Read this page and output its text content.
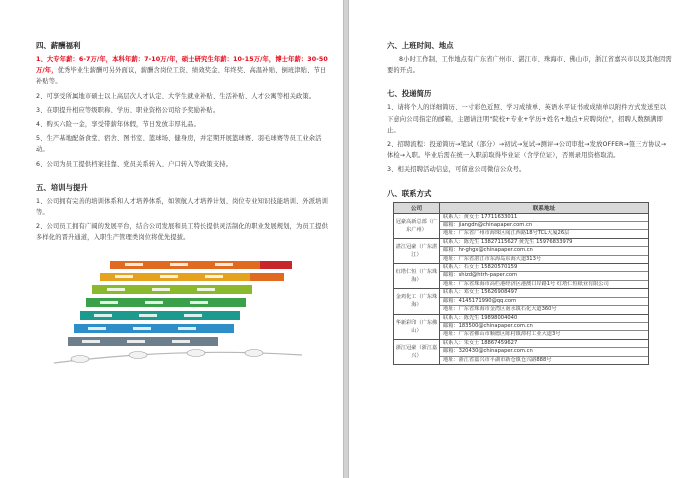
四、薪酬福利
1、大专年薪：6-7万/年，本科年薪：7-10万/年，硕士研究生年薪：10-15万/年，博士年薪：30-50万/年，优秀毕业生薪酬可另外面议，薪酬含岗位工资、绩效奖金、年终奖、高温补贴、倒班津贴、节日补贴等。
2、可享受所属地市硕士以上高层次人才认定、大学生就业补贴、生活补贴、人才公寓等相关政策。
3、在职提升相应等级职称、学历、职业资格公司给予奖励补贴。
4、购买六险一金，享受带薪年休假，节日发放丰厚礼品。
5、生产基地配备食堂、宿舍、图书室、篮球场、健身房，并定期开展篮球赛、羽毛球赛等员工业余活动。
6、公司为员工提供档案挂靠、党员关系转入、户口转入等政策支持。
五、培训与提升
1、公司拥有完善的培训体系和人才培养体系，如领航人才培养计划、岗位专业知识技能培训、外派培训等。
2、公司员工拥有广阔的发展平台，结合公司发展和员工特长提供灵活制化的职业发展规划，为员工提供多样化的晋升通道，入职生产管理类岗位将优先提拔。
六、上班时间、地点
8小时工作制，工作地点有广东省广州市、湛江市、珠海市、佛山市，浙江省嘉兴市以及其他因需要的开点。
七、投递简历
1、请将个人的详细简历、一寸彩色近照、学习成绩单、英语水平证书或成绩单以附件方式发送至以下意向公司指定的邮箱，主题请注明"院校+专业+学历+姓名+地点+应聘岗位"，招聘人数额满即止。
2、招聘流程：投递简历→笔试（部分）→初试→复试→测评→公司审批→发放OFFER→签三方协议→体检→入职。毕业后需在统一入职前取得毕业证（含学位证），否则录用资格取消。
3、相关招聘活动信息，可留意公司微信公众号。
八、联系方式
公司	联系地址
冠豪高新总部（广东广州）	联系人：黄女士 17711633011
邮箱：jiangdn@chinapaper.com.cn
地址：广东省广州市海珠区阅江西路18号TCL大厦26层

湛江冠豪（广东湛江）	联系人：陈先生 13827115627 黄先生 15976833979
邮箱：hr-ghgx@chinapaper.com.cn
地址：广东省湛江市东海岛东海大道313号

红塔仁恒（广东珠海）	联系人：石女士 15820570159
邮箱：shizd@htrh-paper.com
地址：广东省珠海市高栏港经济区港澳口岸路1号 红塔仁恒纸业有限公司

金鸡化工（广东珠海）	联系人：邓女士 15626908497
邮箱：4145171990@qq.com
地址：广东省珠海市金湾区南水镇石化大道360号

华新彩印（广东佛山）	联系人：陈先生 19898004040
邮箱：183500@chinapaper.com.cn
地址：广东省佛山市顺德区陈村镇潭村工业大道3号

浙江冠豪（浙江嘉兴）	联系人：朱女士 18867459627
邮箱：320430@chinapaper.com.cn
地址：浙江省嘉兴市平湖市新仓镇仓兴路888号
